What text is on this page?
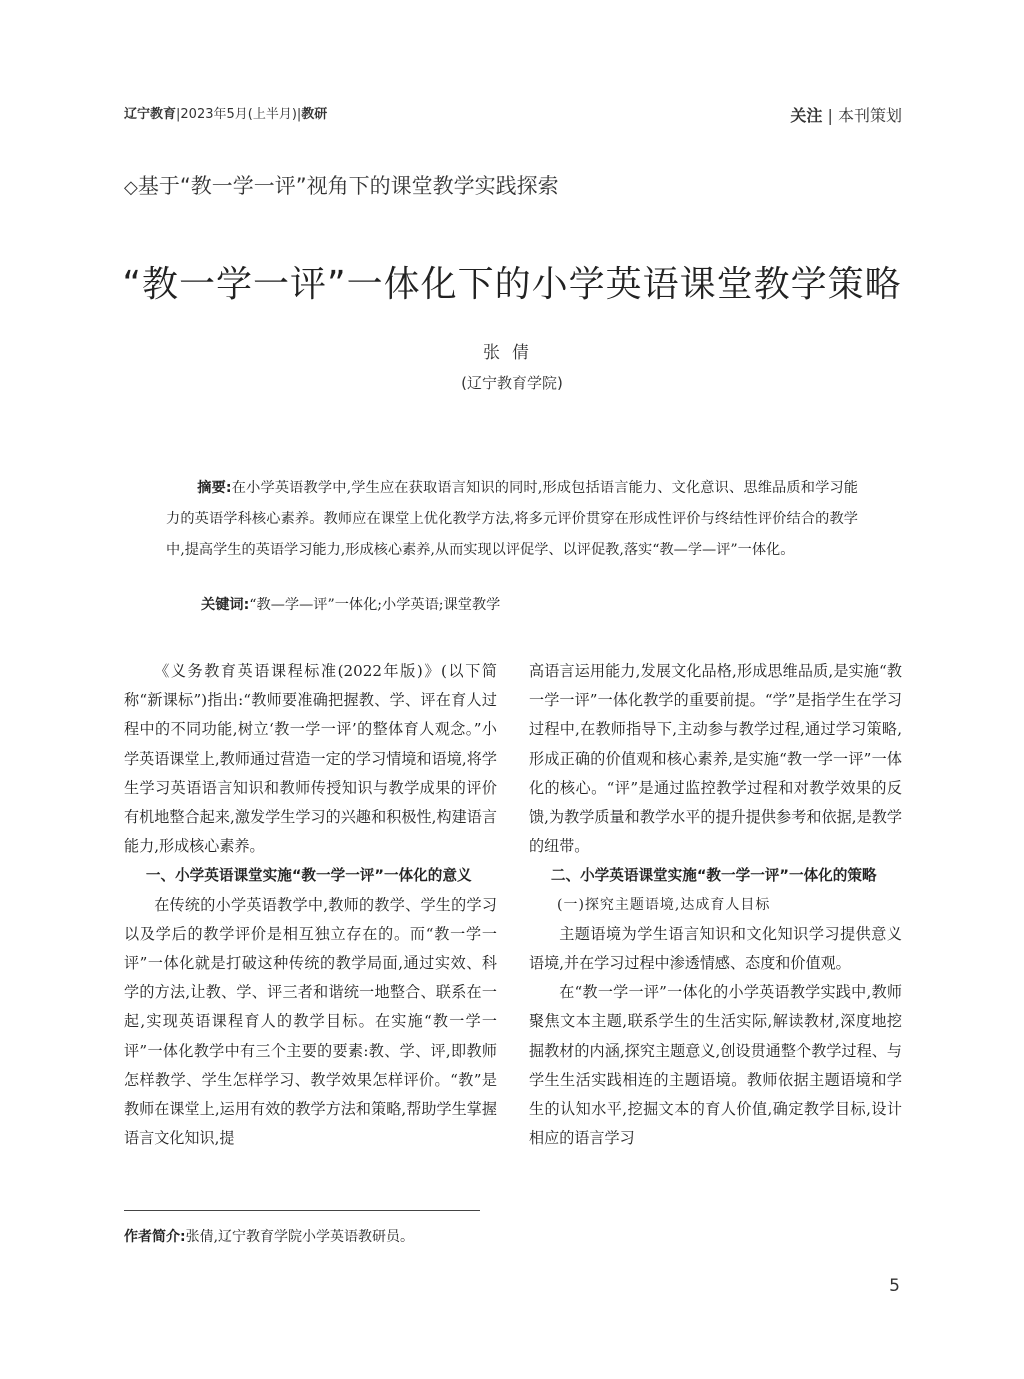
辽宁教育|2023年5月(上半月)|教研	关注 | 本刊策划
◇基于“教一学一评”视角下的课堂教学实践探索
“教一学一评”一体化下的小学英语课堂教学策略
张倩
(辽宁教育学院)
摘要:在小学英语教学中,学生应在获取语言知识的同时,形成包括语言能力、文化意识、思维品质和学习能力的英语学科核心素养。教师应在课堂上优化教学方法,将多元评价贯穿在形成性评价与终结性评价结合的教学中,提高学生的英语学习能力,形成核心素养,从而实现以评促学、以评促教,落实“教—学—评”一体化。
关键词:“教—学—评”一体化;小学英语;课堂教学

《义务教育英语课程标准(2022年版)》(以下简称“新课标”)指出:“教师要准确把握教、学、评在育人过程中的不同功能,树立‘教一学一评’的整体育人观念。”小学英语课堂上,教师通过营造一定的学习情境和语境,将学生学习英语语言知识和教师传授知识与教学成果的评价有机地整合起来,激发学生学习的兴趣和积极性,构建语言能力,形成核心素养。

一、小学英语课堂实施“教一学一评”一体化的意义

在传统的小学英语教学中,教师的教学、学生的学习以及学后的教学评价是相互独立存在的。而“教一学一评”一体化就是打破这种传统的教学局面,通过实效、科学的方法,让教、学、评三者和谐统一地整合、联系在一起,实现英语课程育人的教学目标。在实施“教一学一评”一体化教学中有三个主要的要素:教、学、评,即教师怎样教学、学生怎样学习、教学效果怎样评价。“教”是教师在课堂上,运用有效的教学方法和策略,帮助学生掌握语言文化知识,提

高语言运用能力,发展文化品格,形成思维品质,是实施“教一学一评”一体化教学的重要前提。“学”是指学生在学习过程中,在教师指导下,主动参与教学过程,通过学习策略,形成正确的价值观和核心素养,是实施“教一学一评”一体化的核心。“评”是通过监控教学过程和对教学效果的反馈,为教学质量和教学水平的提升提供参考和依据,是教学的纽带。

二、小学英语课堂实施“教一学一评”一体化的策略

(一)探究主题语境,达成育人目标

主题语境为学生语言知识和文化知识学习提供意义语境,并在学习过程中渗透情感、态度和价值观。

在“教一学一评”一体化的小学英语教学实践中,教师聚焦文本主题,联系学生的生活实际,解读教材,深度地挖掘教材的内涵,探究主题意义,创设贯通整个教学过程、与学生生活实践相连的主题语境。教师依据主题语境和学生的认知水平,挖掘文本的育人价值,确定教学目标,设计相应的语言学习

作者简介:张倩,辽宁教育学院小学英语教研员。
5
